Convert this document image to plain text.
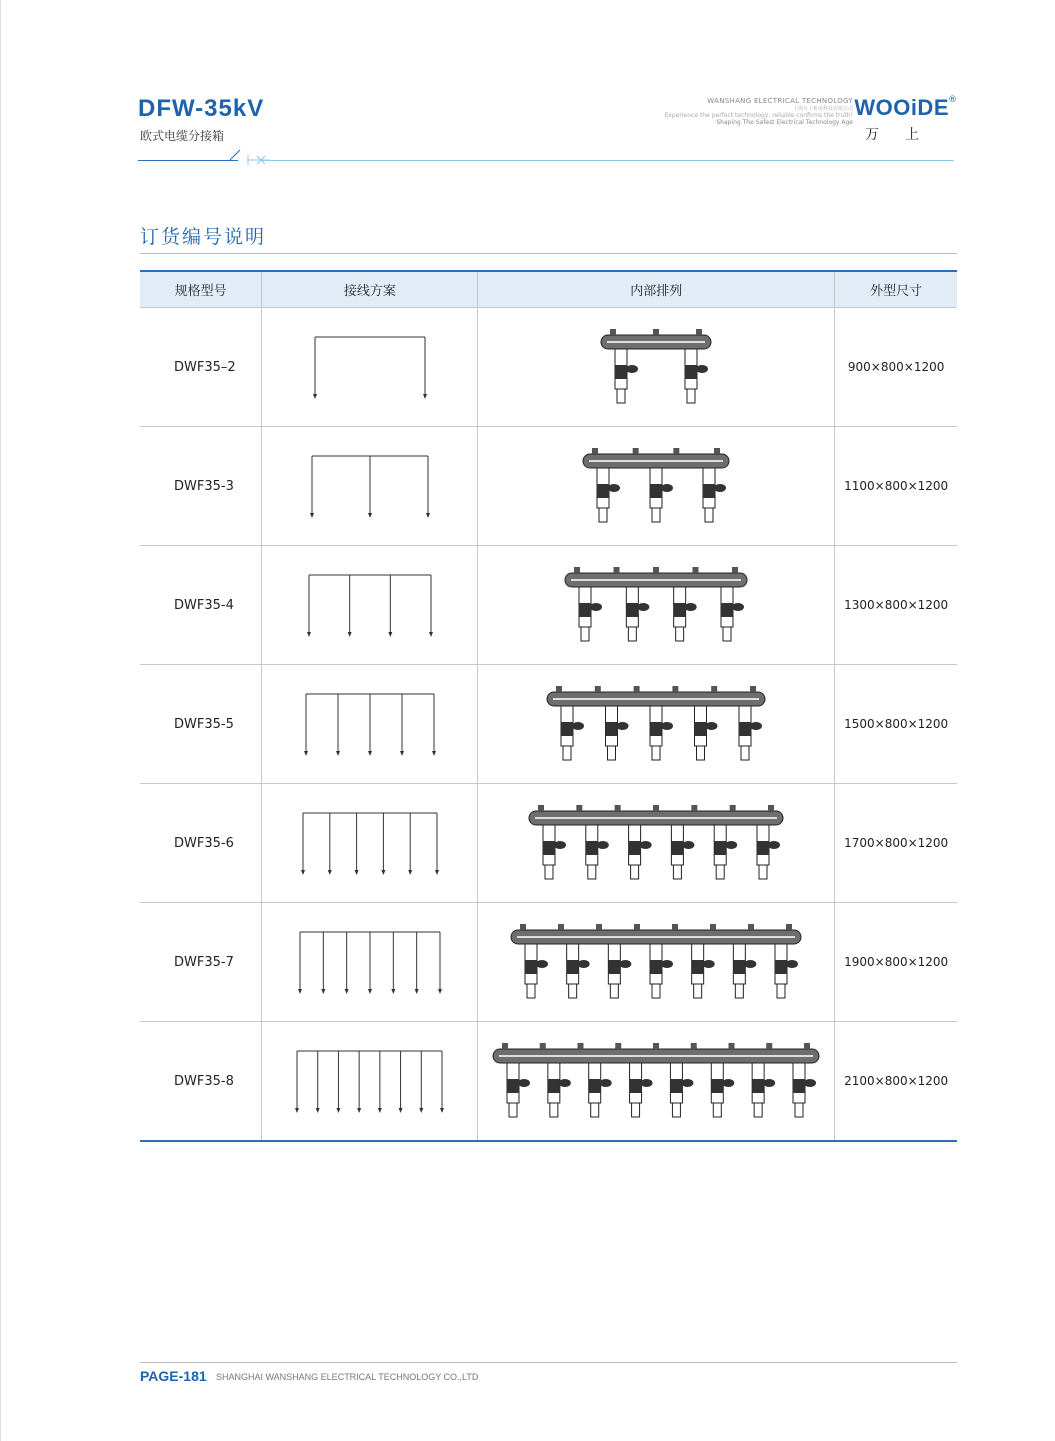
DFW-35kV
欧式电缆分接箱
WANSHANG ELECTRICAL TECHNOLOGY
上海万上机电科技有限公司
Experience the perfect technology, reliable confirms the truth!
Shaping The Safest Electrical Technology Age
WOOiDE ®
万上
订货编号说明
规格型号	接线方案	内部排列	外型尺寸
DWF35–2			900×800×1200
DWF35-3			1100×800×1200
DWF35-4			1300×800×1200
DWF35-5			1500×800×1200
DWF35-6			1700×800×1200
DWF35-7			1900×800×1200
DWF35-8			2100×800×1200
PAGE-181 SHANGHAI WANSHANG ELECTRICAL TECHNOLOGY CO.,LTD
